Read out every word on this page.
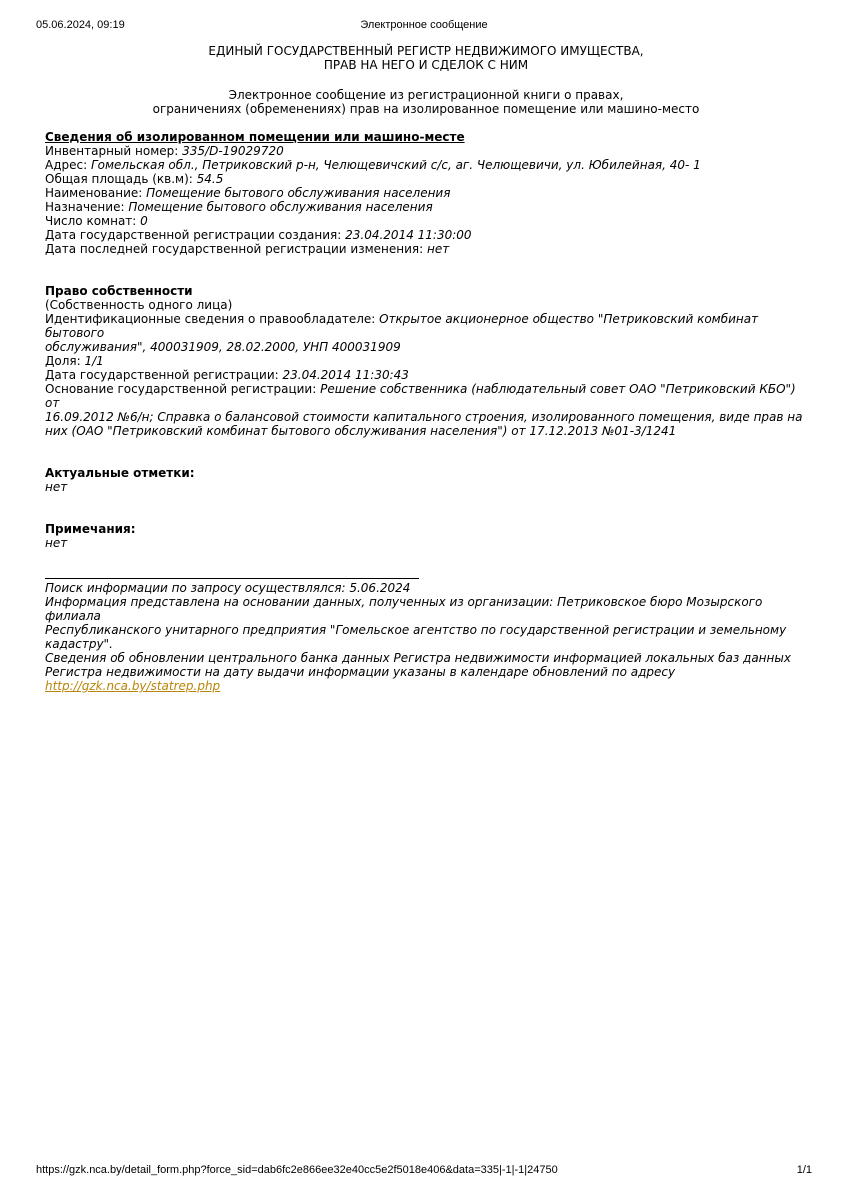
05.06.2024, 09:19	Электронное сообщение
ЕДИНЫЙ ГОСУДАРСТВЕННЫЙ РЕГИСТР НЕДВИЖИМОГО ИМУЩЕСТВА,
ПРАВ НА НЕГО И СДЕЛОК С НИМ
Электронное сообщение из регистрационной книги о правах,
ограничениях (обременениях) прав на изолированное помещение или машино-место
Сведения об изолированном помещении или машино-месте
Инвентарный номер: 335/D-19029720
Адрес: Гомельская обл., Петриковский р-н, Челющевичский с/с, аг. Челющевичи, ул. Юбилейная, 40- 1
Общая площадь (кв.м): 54.5
Наименование: Помещение бытового обслуживания населения
Назначение: Помещение бытового обслуживания населения
Число комнат: 0
Дата государственной регистрации создания: 23.04.2014 11:30:00
Дата последней государственной регистрации изменения: нет
Право собственности
(Собственность одного лица)
Идентификационные сведения о правообладателе: Открытое акционерное общество "Петриковский комбинат бытового
обслуживания", 400031909, 28.02.2000, УНП 400031909
Доля: 1/1
Дата государственной регистрации: 23.04.2014 11:30:43
Основание государственной регистрации: Решение собственника (наблюдательный совет ОАО "Петриковский КБО") от
16.09.2012 №6/н; Справка о балансовой стоимости капитального строения, изолированного помещения, виде прав на
них (ОАО "Петриковский комбинат бытового обслуживания населения") от 17.12.2013 №01-3/1241
Актуальные отметки:
нет
Примечания:
нет
Поиск информации по запросу осуществлялся: 5.06.2024
Информация представлена на основании данных, полученных из организации: Петриковское бюро Мозырского филиала
Республиканского унитарного предприятия "Гомельское агентство по государственной регистрации и земельному
кадастру".
Сведения об обновлении центрального банка данных Регистра недвижимости информацией локальных баз данных
Регистра недвижимости на дату выдачи информации указаны в календаре обновлений по адресу
http://gzk.nca.by/statrep.php
https://gzk.nca.by/detail_form.php?force_sid=dab6fc2e866ee32e40cc5e2f5018e406&data=335|-1|-1|24750	1/1
